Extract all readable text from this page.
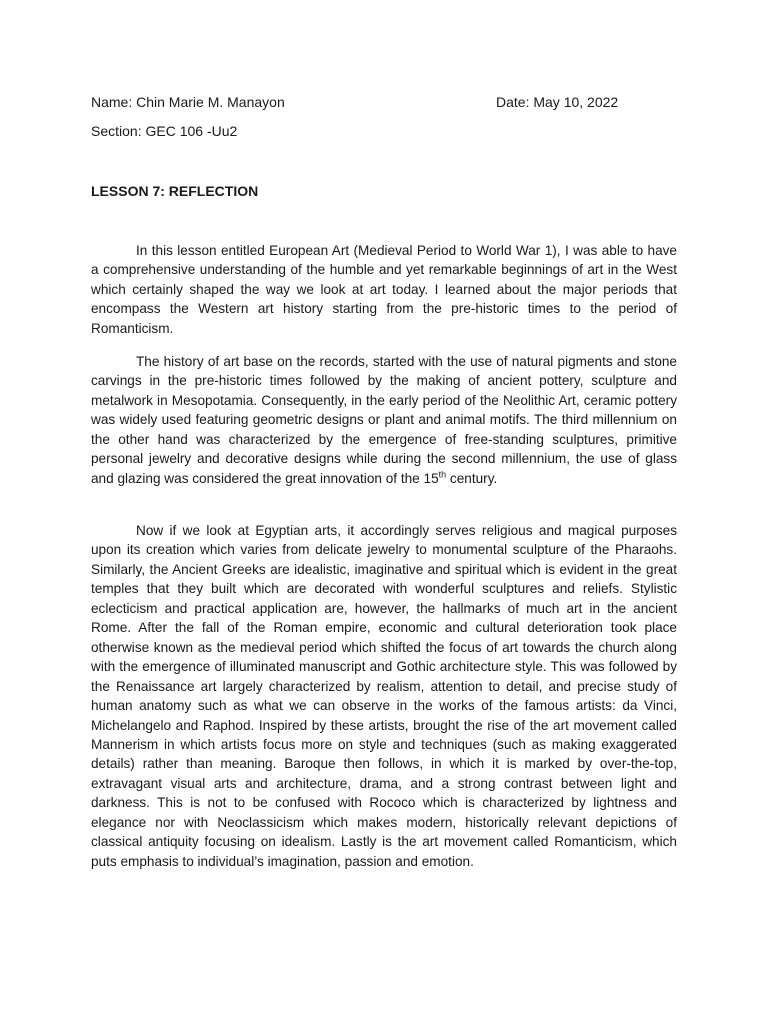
Name: Chin Marie M. Manayon	Date: May 10, 2022
Section: GEC 106 -Uu2
LESSON 7: REFLECTION

In this lesson entitled European Art (Medieval Period to World War 1), I was able to have a comprehensive understanding of the humble and yet remarkable beginnings of art in the West which certainly shaped the way we look at art today. I learned about the major periods that encompass the Western art history starting from the pre-historic times to the period of Romanticism.

The history of art base on the records, started with the use of natural pigments and stone carvings in the pre-historic times followed by the making of ancient pottery, sculpture and metalwork in Mesopotamia. Consequently, in the early period of the Neolithic Art, ceramic pottery was widely used featuring geometric designs or plant and animal motifs. The third millennium on the other hand was characterized by the emergence of free-standing sculptures, primitive personal jewelry and decorative designs while during the second millennium, the use of glass and glazing was considered the great innovation of the 15th century.

Now if we look at Egyptian arts, it accordingly serves religious and magical purposes upon its creation which varies from delicate jewelry to monumental sculpture of the Pharaohs. Similarly, the Ancient Greeks are idealistic, imaginative and spiritual which is evident in the great temples that they built which are decorated with wonderful sculptures and reliefs. Stylistic eclecticism and practical application are, however, the hallmarks of much art in the ancient Rome. After the fall of the Roman empire, economic and cultural deterioration took place otherwise known as the medieval period which shifted the focus of art towards the church along with the emergence of illuminated manuscript and Gothic architecture style. This was followed by the Renaissance art largely characterized by realism, attention to detail, and precise study of human anatomy such as what we can observe in the works of the famous artists: da Vinci, Michelangelo and Raphod. Inspired by these artists, brought the rise of the art movement called Mannerism in which artists focus more on style and techniques (such as making exaggerated details) rather than meaning. Baroque then follows, in which it is marked by over-the-top, extravagant visual arts and architecture, drama, and a strong contrast between light and darkness. This is not to be confused with Rococo which is characterized by lightness and elegance nor with Neoclassicism which makes modern, historically relevant depictions of classical antiquity focusing on idealism. Lastly is the art movement called Romanticism, which puts emphasis to individual’s imagination, passion and emotion.
